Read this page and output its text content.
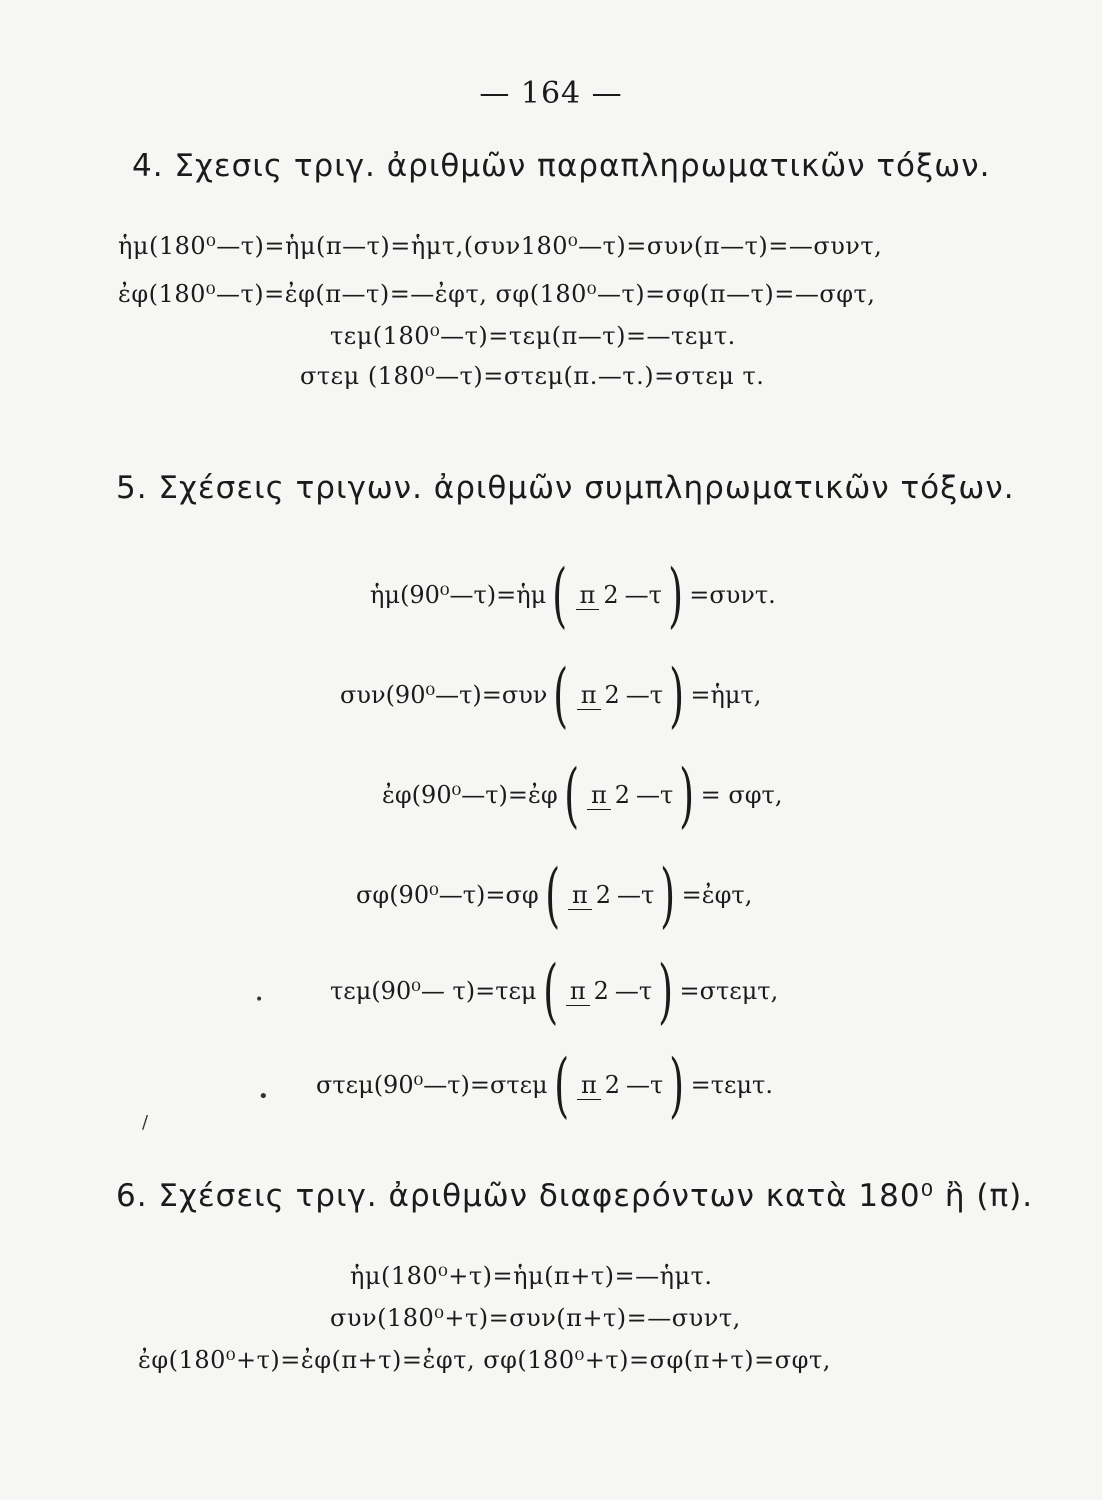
— 164 —
4. Σχεσις τριγ. ἀριθμῶν παραπληρωματικῶν τόξων.
ἡμ(180⁰—τ)=ἡμ(π—τ)=ἡμτ,(συν180⁰—τ)=συν(π—τ)=—συντ,
ἐφ(180⁰—τ)=ἐφ(π—τ)=—ἐφτ, σφ(180⁰—τ)=σφ(π—τ)=—σφτ,
τεμ(180⁰—τ)=τεμ(π—τ)=—τεμτ.
στεμ (180⁰—τ)=στεμ(π.—τ.)=στεμ τ.
5. Σχέσεις τριγων. ἀριθμῶν συμπληρωματικῶν τόξων.
ἡμ(90⁰—τ)=ἡμ( π 2 —τ) =συντ.
συν(90⁰—τ)=συν( π 2 —τ) =ἡμτ,
ἐφ(90⁰—τ)=ἐφ( π 2 —τ) = σφτ,
σφ(90⁰—τ)=σφ( π 2 —τ) =ἐφτ,
τεμ(90⁰— τ)=τεμ( π 2 —τ) =στεμτ,
στεμ(90⁰—τ)=στεμ( π 2 —τ) =τεμτ.
6. Σχέσεις τριγ. ἀριθμῶν διαφερόντων κατὰ 180⁰ ἢ (π).
ἡμ(180⁰+τ)=ἡμ(π+τ)=—ἡμτ.
συν(180⁰+τ)=συν(π+τ)=—συντ,
ἐφ(180⁰+τ)=ἐφ(π+τ)=ἐφτ, σφ(180⁰+τ)=σφ(π+τ)=σφτ,
•
•
/
